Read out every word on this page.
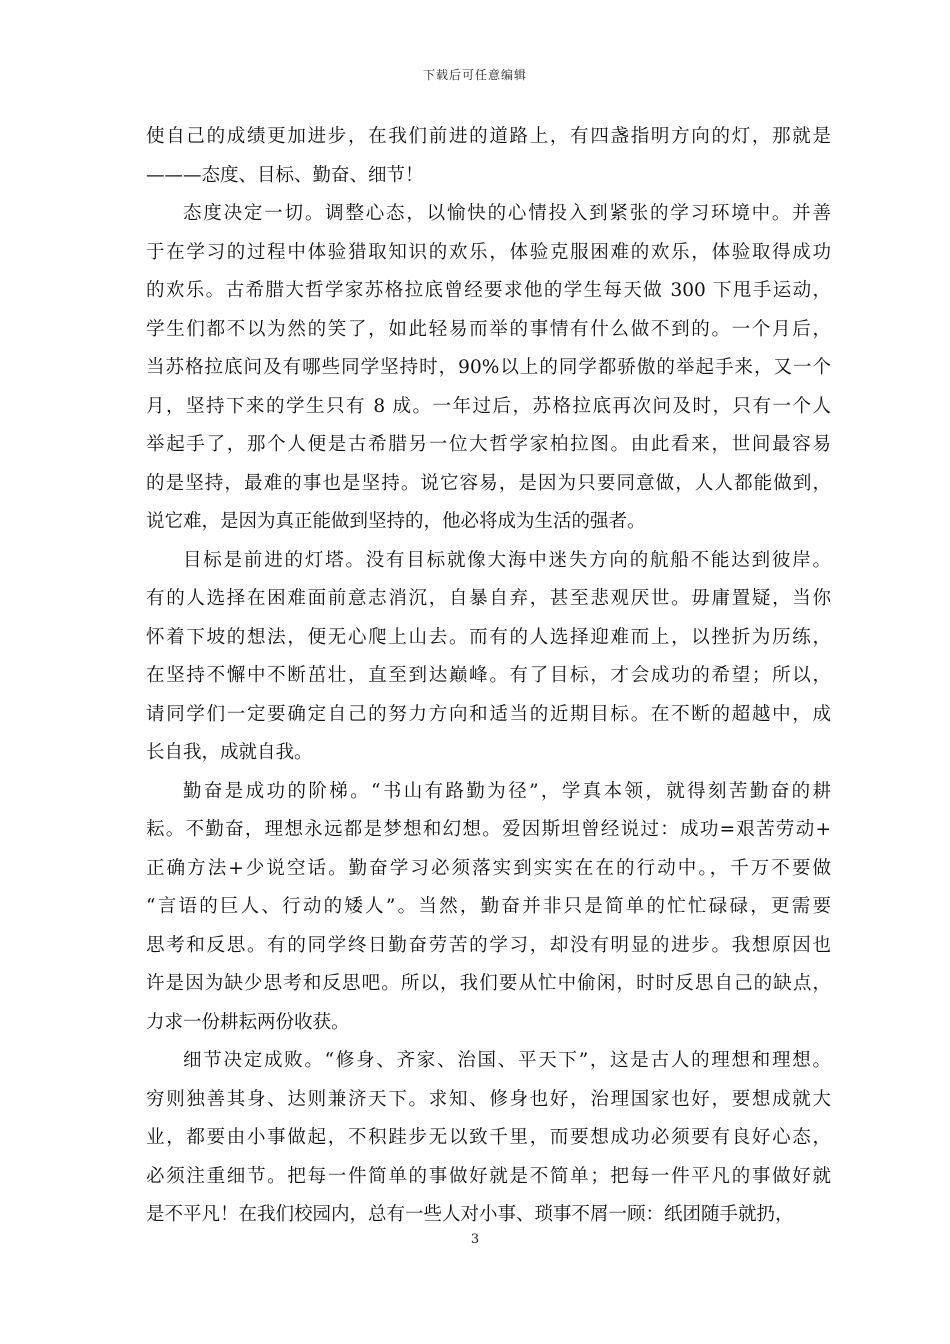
下载后可任意编辑
使自己的成绩更加进步，在我们前进的道路上，有四盏指明方向的灯，那就是
———态度、目标、勤奋、细节！
态度决定一切。调整心态，以愉快的心情投入到紧张的学习环境中。并善
于在学习的过程中体验猎取知识的欢乐，体验克服困难的欢乐，体验取得成功
的欢乐。古希腊大哲学家苏格拉底曾经要求他的学生每天做 300 下甩手运动，
学生们都不以为然的笑了，如此轻易而举的事情有什么做不到的。一个月后，
当苏格拉底问及有哪些同学坚持时，90%以上的同学都骄傲的举起手来，又一个
月，坚持下来的学生只有 8 成。一年过后，苏格拉底再次问及时，只有一个人
举起手了，那个人便是古希腊另一位大哲学家柏拉图。由此看来，世间最容易
的是坚持，最难的事也是坚持。说它容易，是因为只要同意做，人人都能做到，
说它难，是因为真正能做到坚持的，他必将成为生活的强者。
目标是前进的灯塔。没有目标就像大海中迷失方向的航船不能达到彼岸。
有的人选择在困难面前意志消沉，自暴自弃，甚至悲观厌世。毋庸置疑，当你
怀着下坡的想法，便无心爬上山去。而有的人选择迎难而上，以挫折为历练，
在坚持不懈中不断茁壮，直至到达巅峰。有了目标，才会成功的希望；所以，
请同学们一定要确定自己的努力方向和适当的近期目标。在不断的超越中，成
长自我，成就自我。
勤奋是成功的阶梯。“书山有路勤为径”，学真本领，就得刻苦勤奋的耕
耘。不勤奋，理想永远都是梦想和幻想。爱因斯坦曾经说过：成功=艰苦劳动+
正确方法+少说空话。勤奋学习必须落实到实实在在的行动中。，千万不要做
“言语的巨人、行动的矮人”。当然，勤奋并非只是简单的忙忙碌碌，更需要
思考和反思。有的同学终日勤奋劳苦的学习，却没有明显的进步。我想原因也
许是因为缺少思考和反思吧。所以，我们要从忙中偷闲，时时反思自己的缺点，
力求一份耕耘两份收获。
细节决定成败。“修身、齐家、治国、平天下”，这是古人的理想和理想。
穷则独善其身、达则兼济天下。求知、修身也好，治理国家也好，要想成就大
业，都要由小事做起，不积跬步无以致千里，而要想成功必须要有良好心态，
必须注重细节。把每一件简单的事做好就是不简单；把每一件平凡的事做好就
是不平凡！在我们校园内，总有一些人对小事、琐事不屑一顾：纸团随手就扔，
3
